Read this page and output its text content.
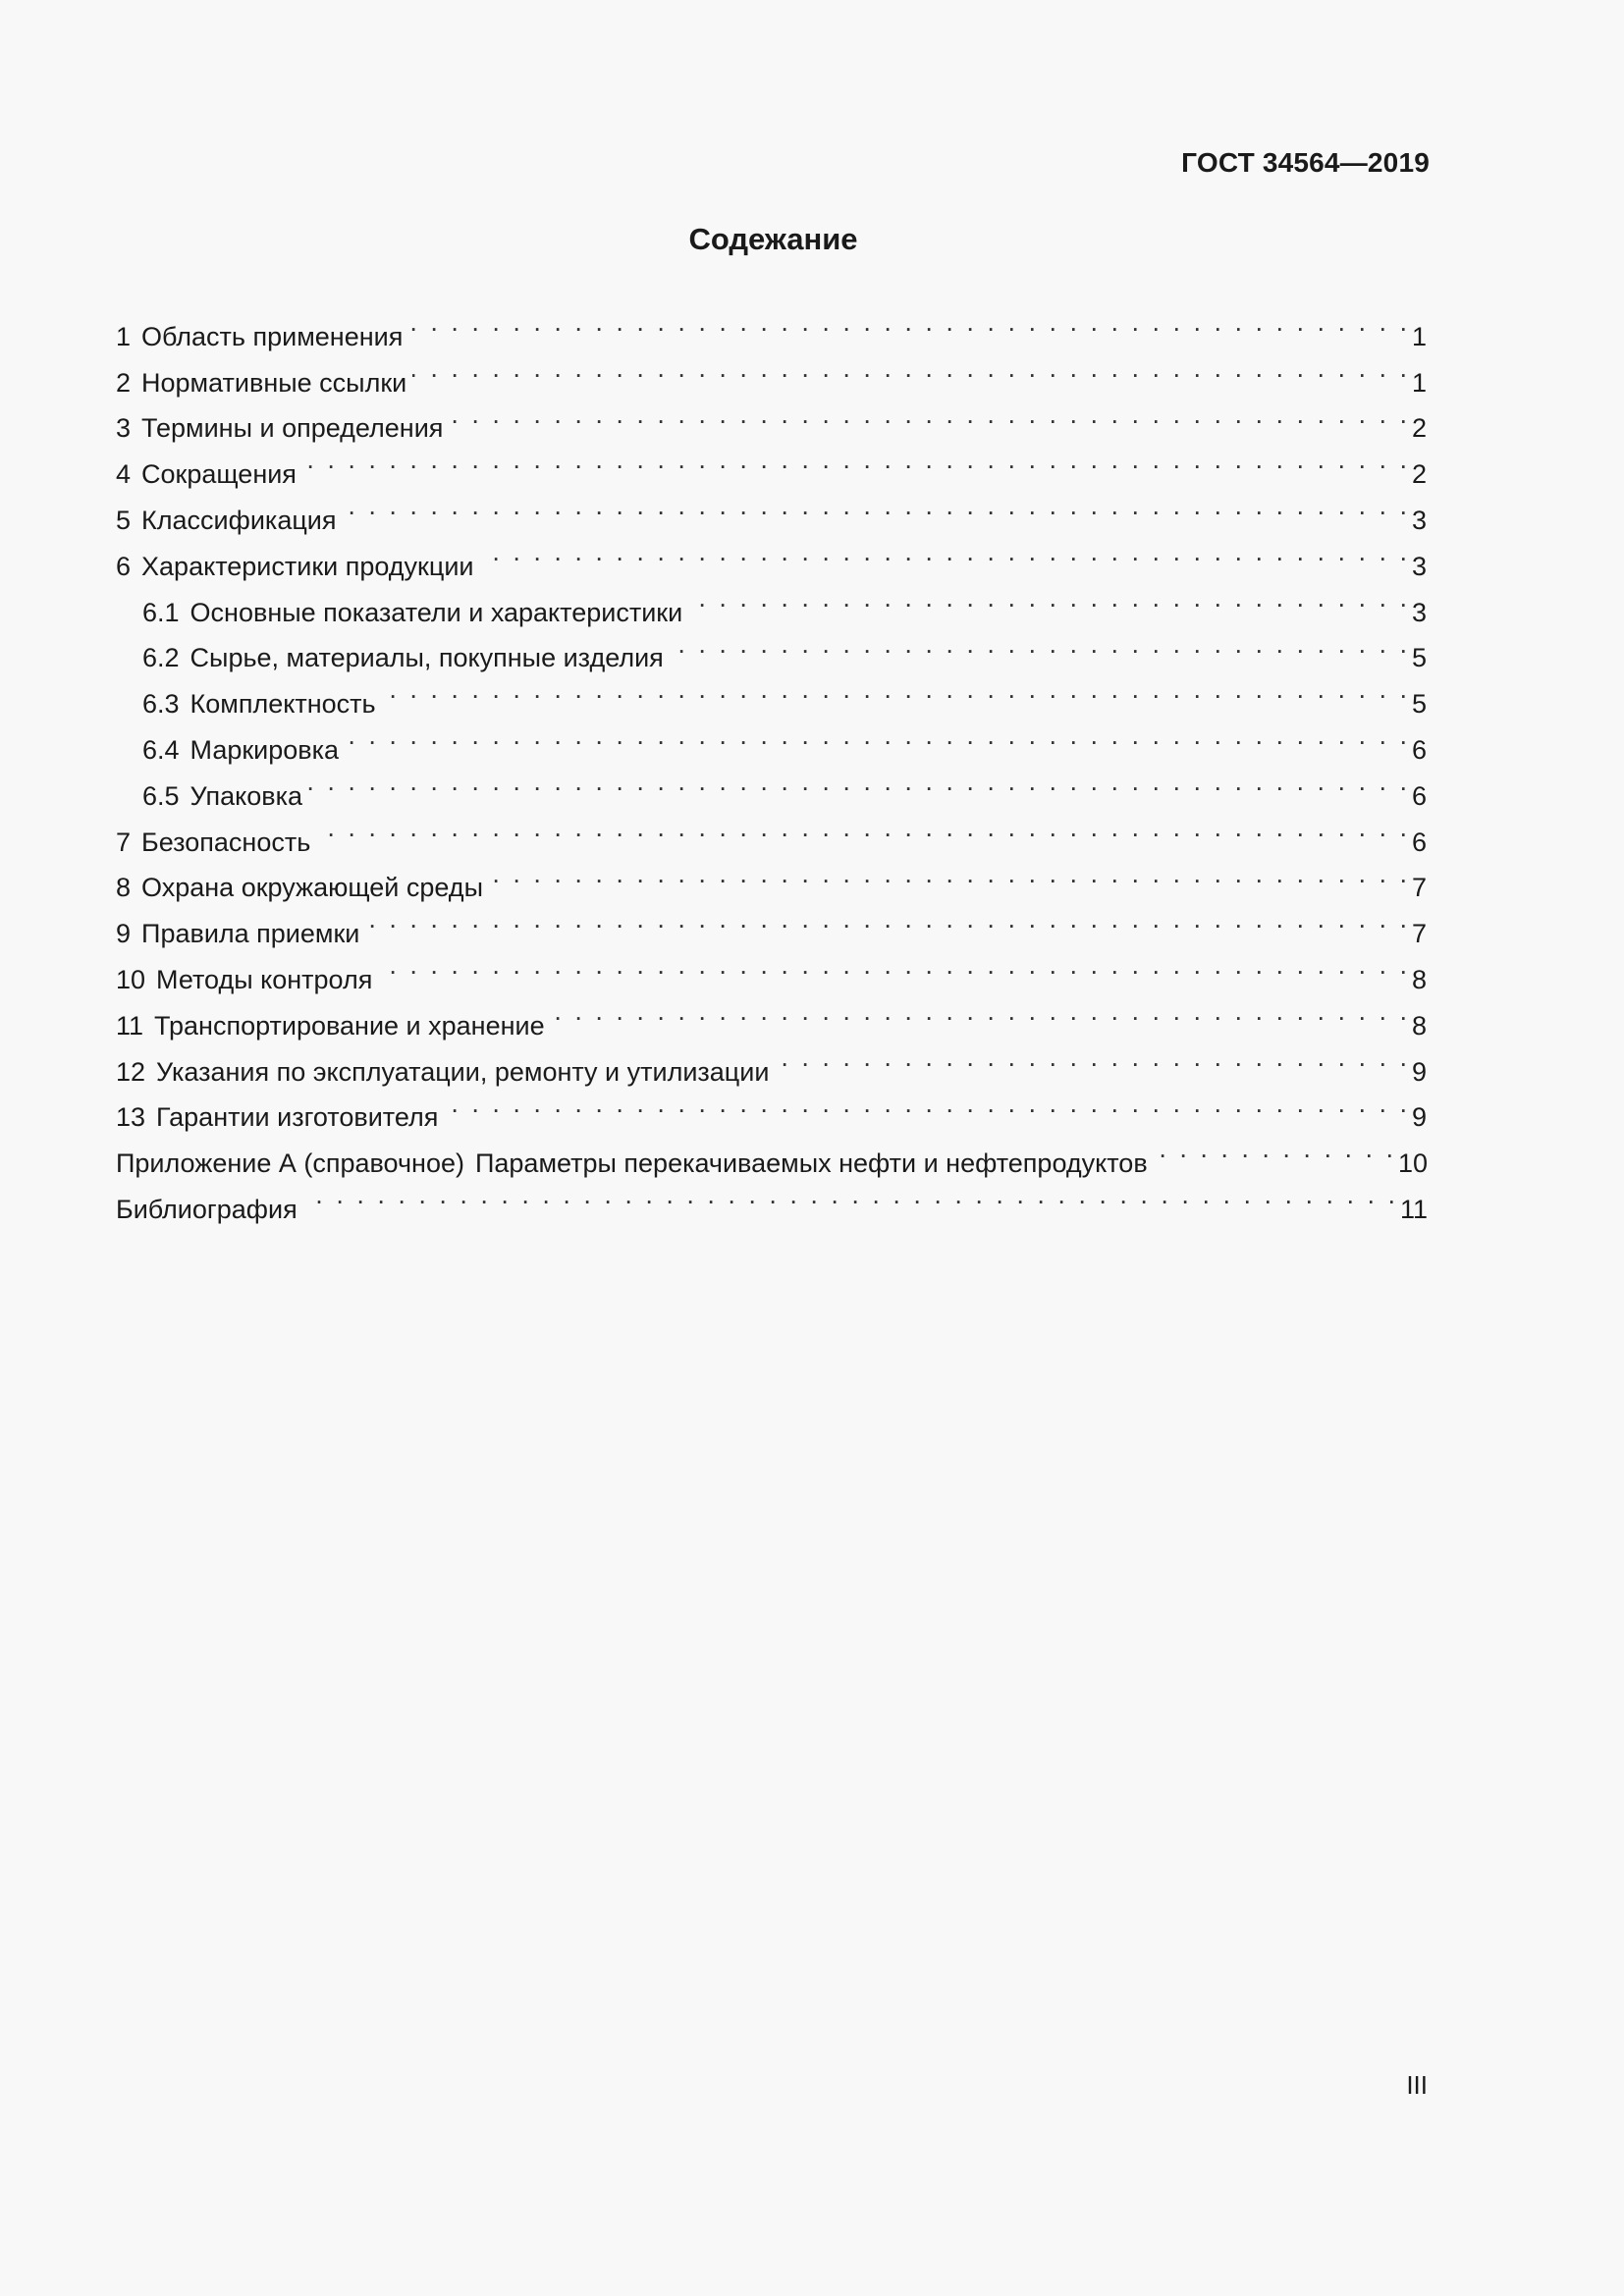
ГОСТ 34564—2019
Содежание
1 Область применения . . .	1
2 Нормативные ссылки . . .	1
3 Термины и определения . . .	2
4 Сокращения . . .	2
5 Классификация . . .	3
6 Характеристики продукции . . .	3
6.1 Основные показатели и характеристики . . .	3
6.2 Сырье, материалы, покупные изделия . . .	5
6.3 Комплектность . . .	5
6.4 Маркировка . . .	6
6.5 Упаковка . . .	6
7 Безопасность . . .	6
8 Охрана окружающей среды . . .	7
9 Правила приемки . . .	7
10 Методы контроля . . .	8
11 Транспортирование и хранение . . .	8
12 Указания по эксплуатации, ремонту и утилизации . . .	9
13 Гарантии изготовителя . . .	9
Приложение А (справочное) Параметры перекачиваемых нефти и нефтепродуктов . . .	10
Библиография . . .	11
III
